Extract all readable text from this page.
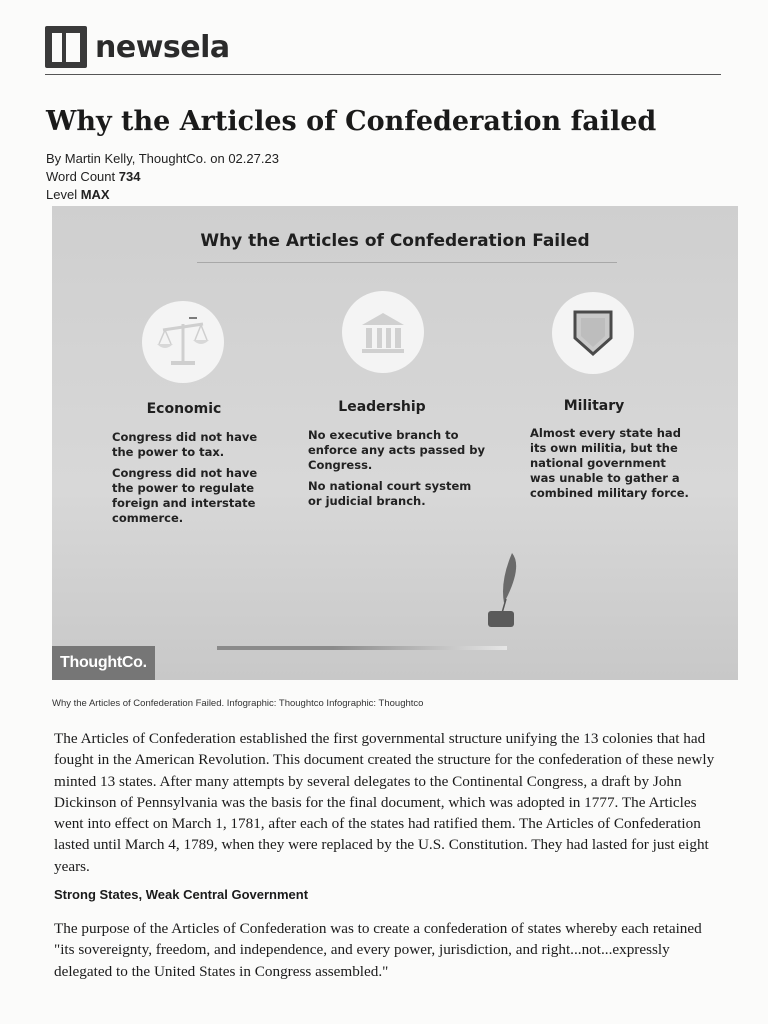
newsela
Why the Articles of Confederation failed
By Martin Kelly, ThoughtCo. on 02.27.23
Word Count 734
Level MAX
Why the Articles of Confederation Failed
Economic

Congress did not have the power to tax.

Congress did not have the power to regulate foreign and interstate commerce.

Leadership

No executive branch to enforce any acts passed by Congress.

No national court system or judicial branch.

Military

Almost every state had its own militia, but the national government was unable to gather a combined military force.

ThoughtCo.
Why the Articles of Confederation Failed. Infographic: Thoughtco Infographic: Thoughtco

The Articles of Confederation established the first governmental structure unifying the 13 colonies that had fought in the American Revolution. This document created the structure for the confederation of these newly minted 13 states. After many attempts by several delegates to the Continental Congress, a draft by John Dickinson of Pennsylvania was the basis for the final document, which was adopted in 1777. The Articles went into effect on March 1, 1781, after each of the states had ratified them. The Articles of Confederation lasted until March 4, 1789, when they were replaced by the U.S. Constitution. They had lasted for just eight years.

Strong States, Weak Central Government

The purpose of the Articles of Confederation was to create a confederation of states whereby each retained "its sovereignty, freedom, and independence, and every power, jurisdiction, and right...not...expressly delegated to the United States in Congress assembled."
